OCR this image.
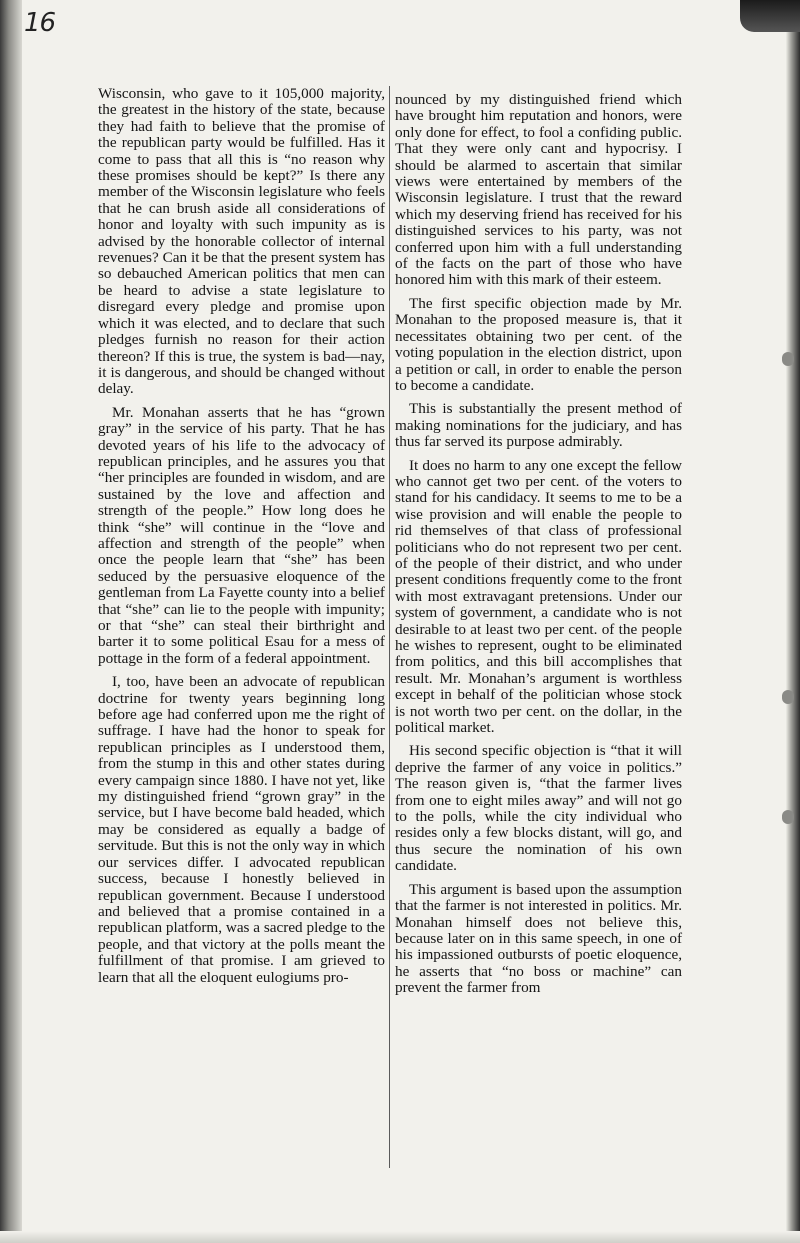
16

Wisconsin, who gave to it 105,000 majority, the greatest in the history of the state, because they had faith to believe that the promise of the republican party would be fulfilled. Has it come to pass that all this is “no reason why these promises should be kept?” Is there any member of the Wisconsin legislature who feels that he can brush aside all considerations of honor and loyalty with such impunity as is advised by the honorable collector of internal revenues? Can it be that the present system has so debauched American politics that men can be heard to advise a state legislature to disregard every pledge and promise upon which it was elected, and to declare that such pledges furnish no reason for their action thereon? If this is true, the system is bad—nay, it is dangerous, and should be changed without delay.

Mr. Monahan asserts that he has “grown gray” in the service of his party. That he has devoted years of his life to the advocacy of republican principles, and he assures you that “her principles are founded in wisdom, and are sustained by the love and affection and strength of the people.” How long does he think “she” will continue in the “love and affection and strength of the people” when once the people learn that “she” has been seduced by the persuasive eloquence of the gentleman from La Fayette county into a belief that “she” can lie to the people with impunity; or that “she” can steal their birthright and barter it to some political Esau for a mess of pottage in the form of a federal appointment.

I, too, have been an advocate of republican doctrine for twenty years beginning long before age had conferred upon me the right of suffrage. I have had the honor to speak for republican principles as I understood them, from the stump in this and other states during every campaign since 1880. I have not yet, like my distinguished friend “grown gray” in the service, but I have become bald headed, which may be considered as equally a badge of servitude. But this is not the only way in which our services differ. I advocated republican success, because I honestly believed in republican government. Because I understood and believed that a promise contained in a republican platform, was a sacred pledge to the people, and that victory at the polls meant the fulfillment of that promise. I am grieved to learn that all the eloquent eulogiums pro-

nounced by my distinguished friend which have brought him reputation and honors, were only done for effect, to fool a confiding public. That they were only cant and hypocrisy. I should be alarmed to ascertain that similar views were entertained by members of the Wisconsin legislature. I trust that the reward which my deserving friend has received for his distinguished services to his party, was not conferred upon him with a full understanding of the facts on the part of those who have honored him with this mark of their esteem.

The first specific objection made by Mr. Monahan to the proposed measure is, that it necessitates obtaining two per cent. of the voting population in the election district, upon a petition or call, in order to enable the person to become a candidate.

This is substantially the present method of making nominations for the judiciary, and has thus far served its purpose admirably.

It does no harm to any one except the fellow who cannot get two per cent. of the voters to stand for his candidacy. It seems to me to be a wise provision and will enable the people to rid themselves of that class of professional politicians who do not represent two per cent. of the people of their district, and who under present conditions frequently come to the front with most extravagant pretensions. Under our system of government, a candidate who is not desirable to at least two per cent. of the people he wishes to represent, ought to be eliminated from politics, and this bill accomplishes that result. Mr. Monahan’s argument is worthless except in behalf of the politician whose stock is not worth two per cent. on the dollar, in the political market.

His second specific objection is “that it will deprive the farmer of any voice in politics.” The reason given is, “that the farmer lives from one to eight miles away” and will not go to the polls, while the city individual who resides only a few blocks distant, will go, and thus secure the nomination of his own candidate.

This argument is based upon the assumption that the farmer is not interested in politics. Mr. Monahan himself does not believe this, because later on in this same speech, in one of his impassioned outbursts of poetic eloquence, he asserts that “no boss or machine” can prevent the farmer from
